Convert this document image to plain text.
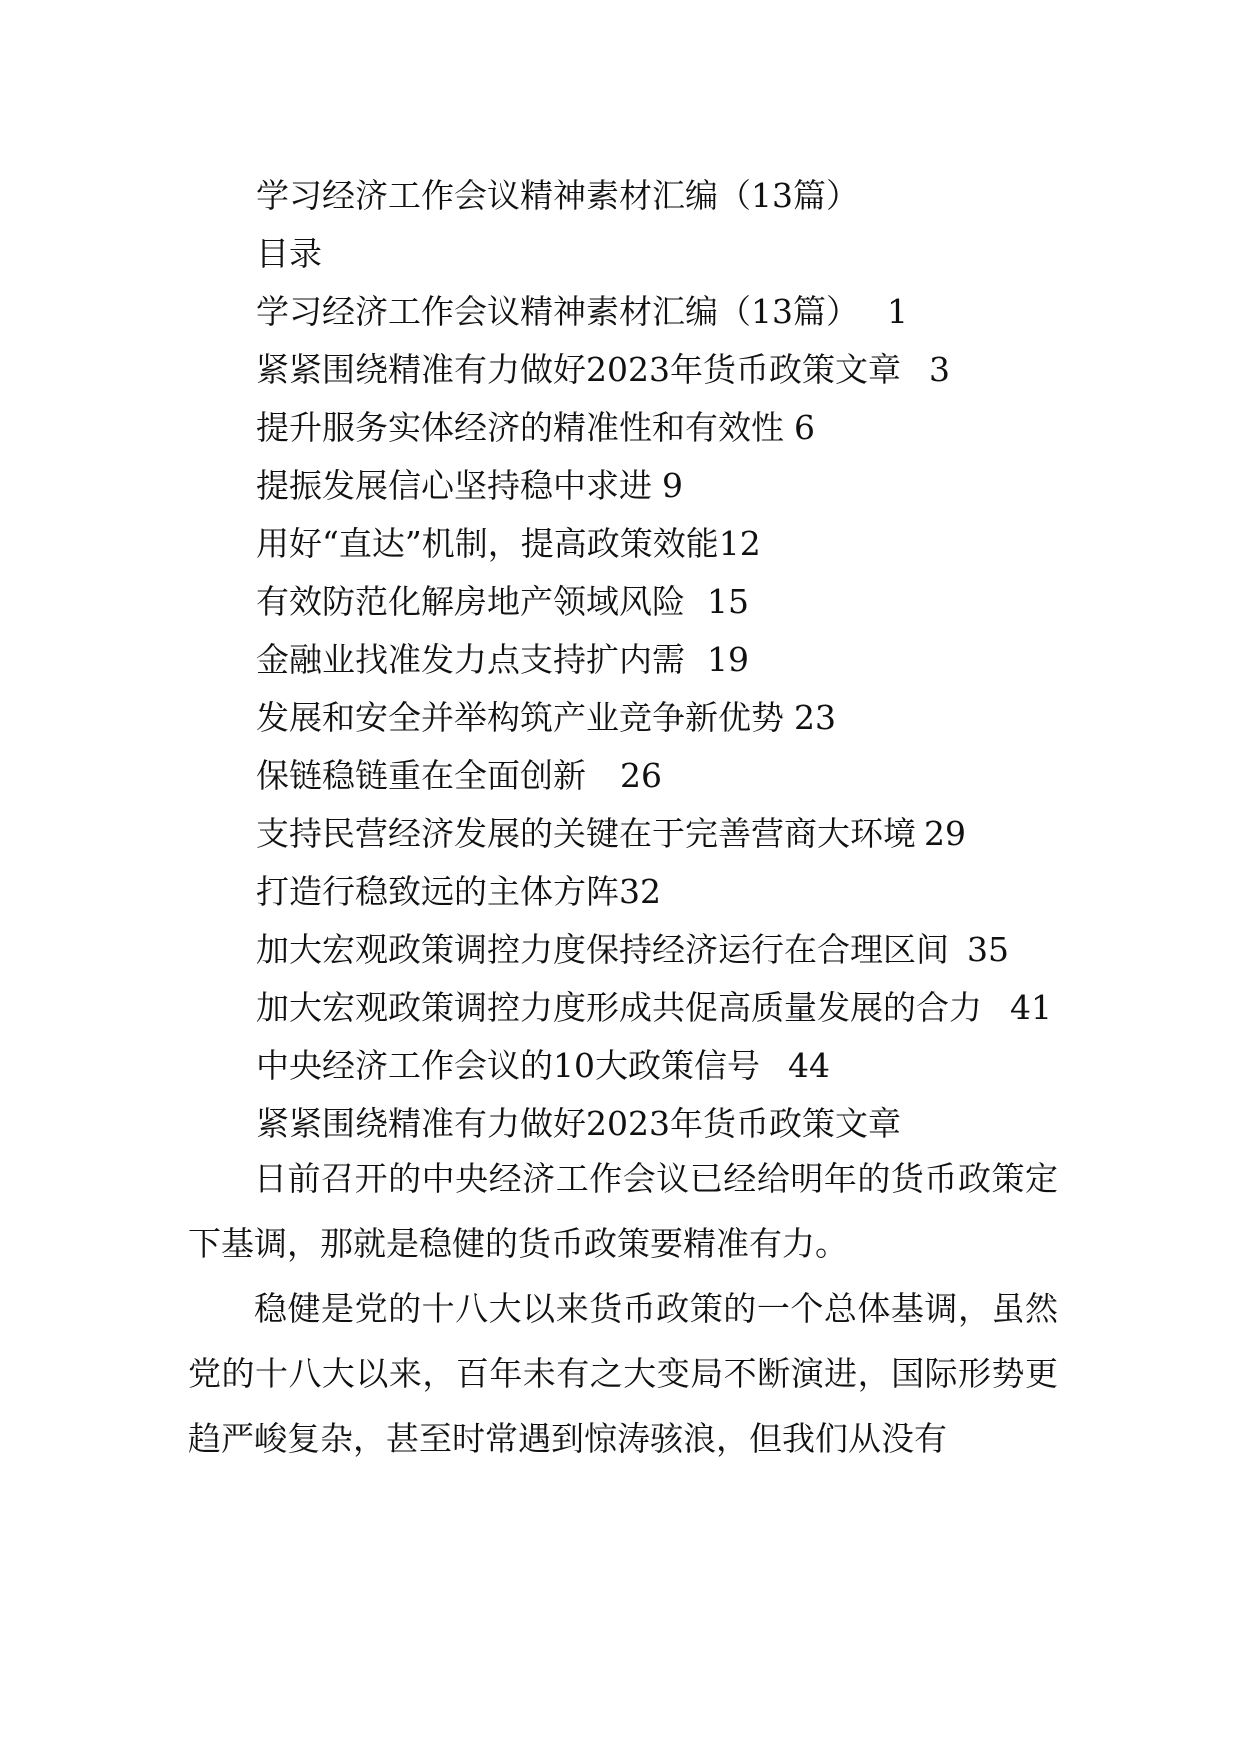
学习经济工作会议精神素材汇编（13篇）
目录
学习经济工作会议精神素材汇编（13篇） 1
紧紧围绕精准有力做好2023年货币政策文章 3
提升服务实体经济的精准性和有效性 6
提振发展信心坚持稳中求进 9
用好“直达”机制，提高政策效能12
有效防范化解房地产领域风险 15
金融业找准发力点支持扩内需 19
发展和安全并举构筑产业竞争新优势 23
保链稳链重在全面创新 26
支持民营经济发展的关键在于完善营商大环境 29
打造行稳致远的主体方阵32
加大宏观政策调控力度保持经济运行在合理区间 35
加大宏观政策调控力度形成共促高质量发展的合力 41
中央经济工作会议的10大政策信号 44
紧紧围绕精准有力做好2023年货币政策文章
日前召开的中央经济工作会议已经给明年的货币政策定下基调，那就是稳健的货币政策要精准有力。
稳健是党的十八大以来货币政策的一个总体基调，虽然党的十八大以来，百年未有之大变局不断演进，国际形势更趋严峻复杂，甚至时常遇到惊涛骇浪，但我们从没有
